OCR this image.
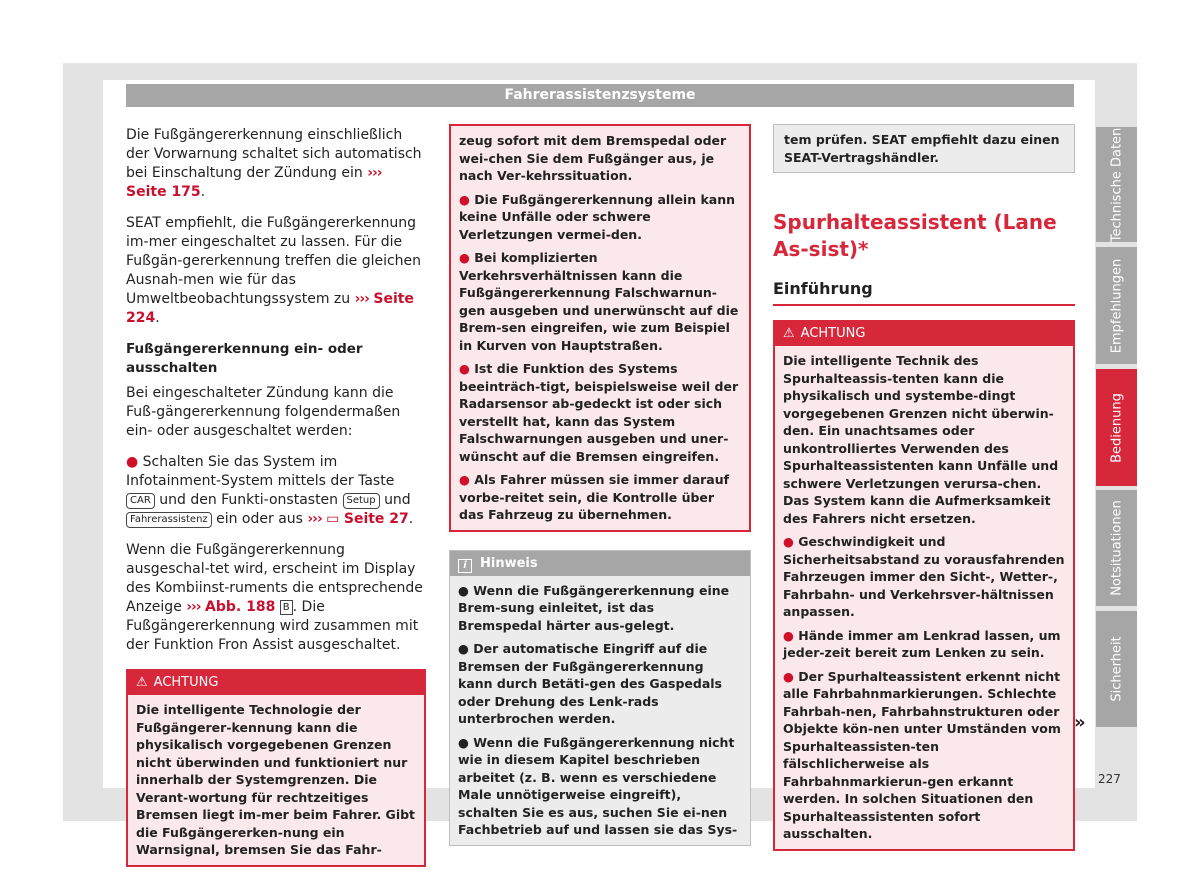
Fahrerassistenzsysteme

Die Fußgängererkennung einschließlich der Vorwarnung schaltet sich automatisch bei Einschaltung der Zündung ein ››› Seite 175.

SEAT empfiehlt, die Fußgängererkennung im-mer eingeschaltet zu lassen. Für die Fußgän-gererkennung treffen die gleichen Ausnah-men wie für das Umweltbeobachtungssystem zu ››› Seite 224.

Fußgängererkennung ein- oder ausschalten

Bei eingeschalteter Zündung kann die Fuß-gängererkennung folgendermaßen ein- oder ausgeschaltet werden:

● Schalten Sie das System im Infotainment-System mittels der Taste CAR und den Funkti-onstasten Setup und Fahrerassistenz ein oder aus ››› ▭ Seite 27.

Wenn die Fußgängererkennung ausgeschal-tet wird, erscheint im Display des Kombiinst-ruments die entsprechende Anzeige ››› Abb. 188 B . Die Fußgängererkennung wird zusammen mit der Funktion Fron Assist ausgeschaltet.

⚠ ACHTUNG

Die intelligente Technologie der Fußgängerer-kennung kann die physikalisch vorgegebenen Grenzen nicht überwinden und funktioniert nur innerhalb der Systemgrenzen. Die Verant-wortung für rechtzeitiges Bremsen liegt im-mer beim Fahrer. Gibt die Fußgängererken-nung ein Warnsignal, bremsen Sie das Fahr-

zeug sofort mit dem Bremspedal oder wei-chen Sie dem Fußgänger aus, je nach Ver-kehrssituation.

● Die Fußgängererkennung allein kann keine Unfälle oder schwere Verletzungen vermei-den.

● Bei komplizierten Verkehrsverhältnissen kann die Fußgängererkennung Falschwarnun-gen ausgeben und unerwünscht auf die Brem-sen eingreifen, wie zum Beispiel in Kurven von Hauptstraßen.

● Ist die Funktion des Systems beeinträch-tigt, beispielsweise weil der Radarsensor ab-gedeckt ist oder sich verstellt hat, kann das System Falschwarnungen ausgeben und uner-wünscht auf die Bremsen eingreifen.

● Als Fahrer müssen sie immer darauf vorbe-reitet sein, die Kontrolle über das Fahrzeug zu übernehmen.

i Hinweis

● Wenn die Fußgängererkennung eine Brem-sung einleitet, ist das Bremspedal härter aus-gelegt.

● Der automatische Eingriff auf die Bremsen der Fußgängererkennung kann durch Betäti-gen des Gaspedals oder Drehung des Lenk-rads unterbrochen werden.

● Wenn die Fußgängererkennung nicht wie in diesem Kapitel beschrieben arbeitet (z. B. wenn es verschiedene Male unnötigerweise eingreift), schalten Sie es aus, suchen Sie ei-nen Fachbetrieb auf und lassen sie das Sys-

tem prüfen. SEAT empfiehlt dazu einen SEAT-Vertragshändler.
Spurhalteassistent (Lane As-sist)*
Einführung
⚠ ACHTUNG

Die intelligente Technik des Spurhalteassis-tenten kann die physikalisch und systembe-dingt vorgegebenen Grenzen nicht überwin-den. Ein unachtsames oder unkontrolliertes Verwenden des Spurhalteassistenten kann Unfälle und schwere Verletzungen verursa-chen. Das System kann die Aufmerksamkeit des Fahrers nicht ersetzen.

● Geschwindigkeit und Sicherheitsabstand zu vorausfahrenden Fahrzeugen immer den Sicht-, Wetter-, Fahrbahn- und Verkehrsver-hältnissen anpassen.

● Hände immer am Lenkrad lassen, um jeder-zeit bereit zum Lenken zu sein.

● Der Spurhalteassistent erkennt nicht alle Fahrbahnmarkierungen. Schlechte Fahrbah-nen, Fahrbahnstrukturen oder Objekte kön-nen unter Umständen vom Spurhalteassisten-ten fälschlicherweise als Fahrbahnmarkierun-gen erkannt werden. In solchen Situationen den Spurhalteassistenten sofort ausschalten.

»
Technische Daten
Empfehlungen
Bedienung
Notsituationen
Sicherheit
227
